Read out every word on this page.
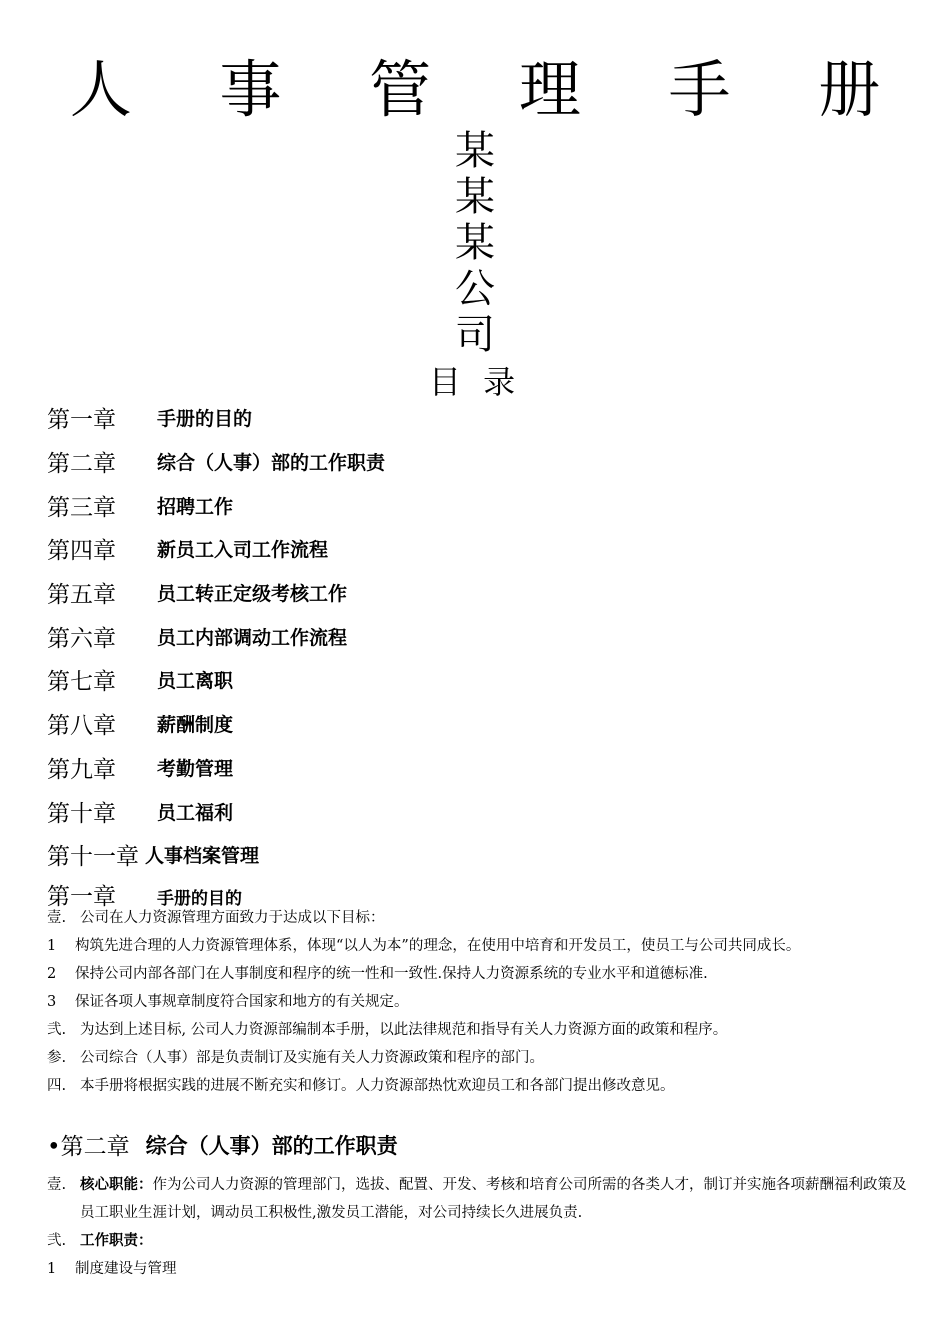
人 事 管 理 手 册
某
某
某
公
司
目 录
第一章	手册的目的
第二章	综合（人事）部的工作职责
第三章	招聘工作
第四章	新员工入司工作流程
第五章	员工转正定级考核工作
第六章	员工内部调动工作流程
第七章	员工离职
第八章	薪酬制度
第九章	考勤管理
第十章	员工福利
第十一章 人事档案管理
第一章	手册的目的
壹. 公司在人力资源管理方面致力于达成以下目标：
1 构筑先进合理的人力资源管理体系，体现“以人为本”的理念，在使用中培育和开发员工，使员工与公司共同成长。
2 保持公司内部各部门在人事制度和程序的统一性和一致性.保持人力资源系统的专业水平和道德标准.
3 保证各项人事规章制度符合国家和地方的有关规定。
弐. 为达到上述目标, 公司人力资源部编制本手册，以此法律规范和指导有关人力资源方面的政策和程序。
参. 公司综合（人事）部是负责制订及实施有关人力资源政策和程序的部门。
四. 本手册将根据实践的进展不断充实和修订。人力资源部热忱欢迎员工和各部门提出修改意见。
•第二章 综合（人事）部的工作职责
壹. 核心职能：作为公司人力资源的管理部门，选拔、配置、开发、考核和培育公司所需的各类人才，制订并实施各项薪酬福利政策及员工职业生涯计划，调动员工积极性,激发员工潜能，对公司持续长久进展负责.
弐. 工作职责：
1 制度建设与管理
